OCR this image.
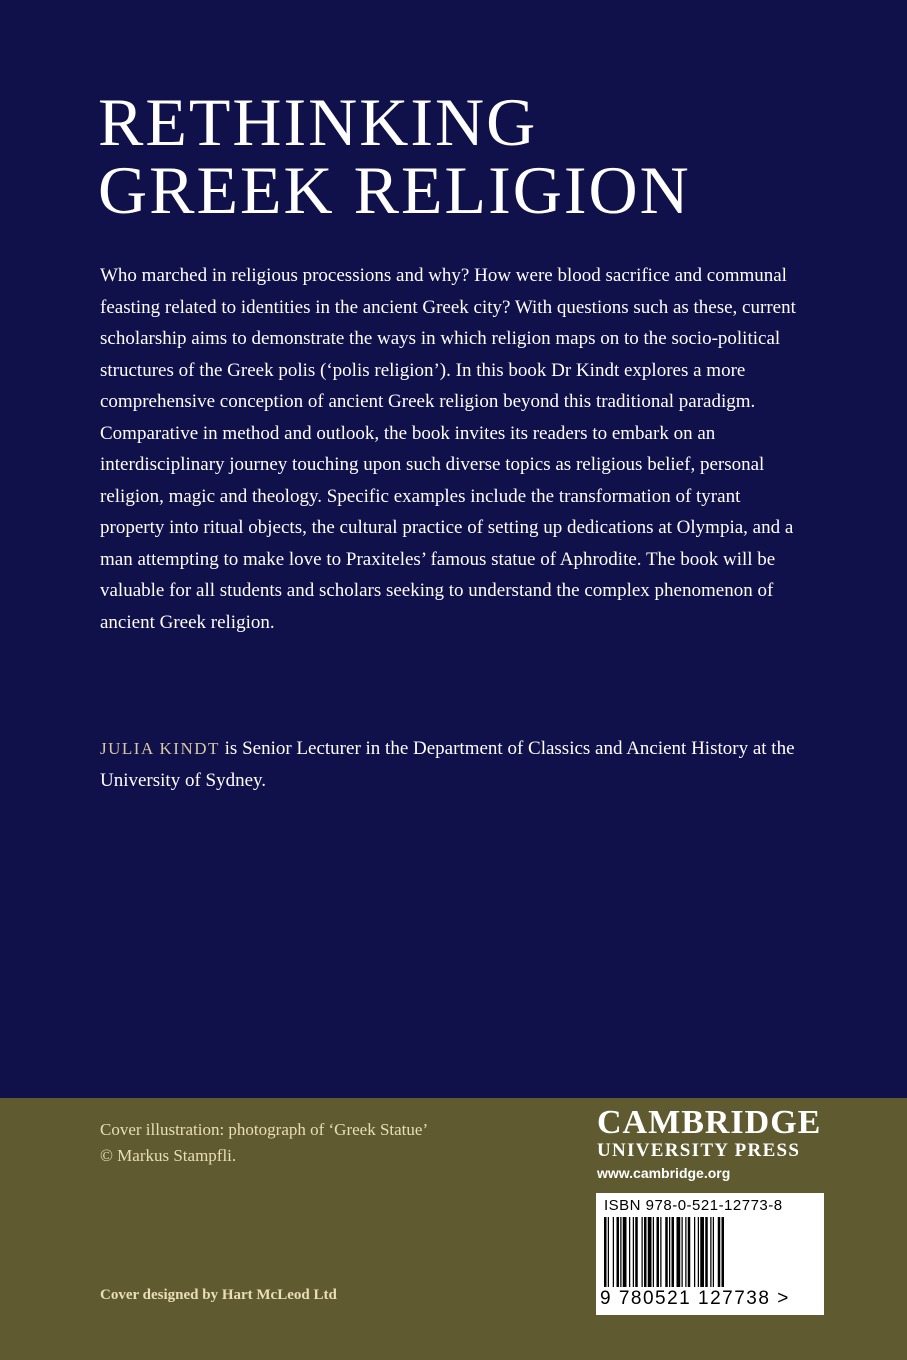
RETHINKING
GREEK RELIGION

Who marched in religious processions and why? How were blood sacrifice and communal feasting related to identities in the ancient Greek city? With questions such as these, current scholarship aims to demonstrate the ways in which religion maps on to the socio-political structures of the Greek polis (‘polis religion’). In this book Dr Kindt explores a more comprehensive conception of ancient Greek religion beyond this traditional paradigm. Comparative in method and outlook, the book invites its readers to embark on an interdisciplinary journey touching upon such diverse topics as religious belief, personal religion, magic and theology. Specific examples include the transformation of tyrant property into ritual objects, the cultural practice of setting up dedications at Olympia, and a man attempting to make love to Praxiteles’ famous statue of Aphrodite. The book will be valuable for all students and scholars seeking to understand the complex phenomenon of ancient Greek religion.

JULIA KINDT is Senior Lecturer in the Department of Classics and Ancient History at the University of Sydney.

Cover illustration: photograph of ‘Greek Statue’
© Markus Stampfli.

Cover designed by Hart McLeod Ltd

CAMBRIDGE
UNIVERSITY PRESS
www.cambridge.org

ISBN 978-0-521-12773-8

9 780521 127738 >
